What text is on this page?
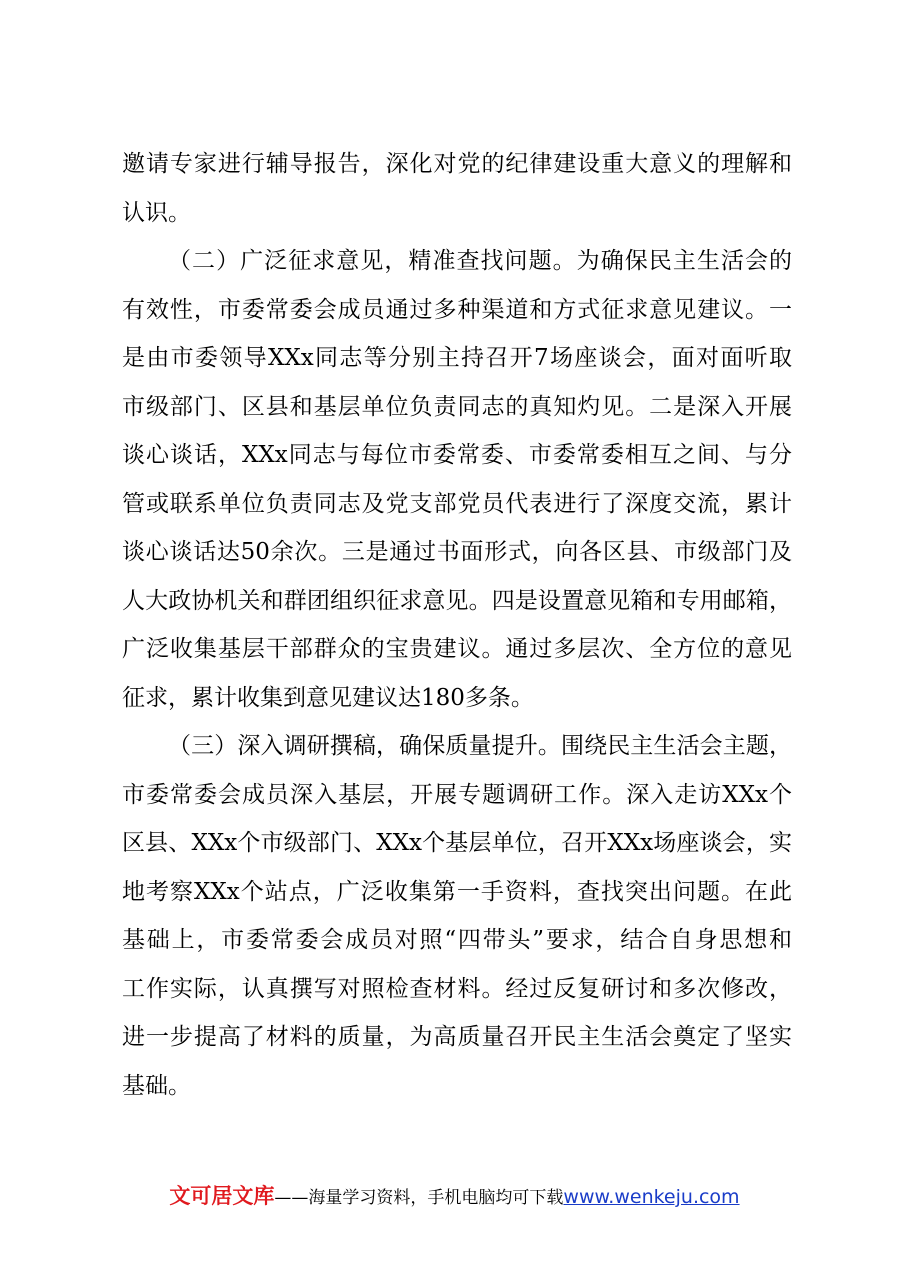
邀请专家进行辅导报告，深化对党的纪律建设重大意义的理解和
认识。
（二）广泛征求意见，精准查找问题。为确保民主生活会的
有效性，市委常委会成员通过多种渠道和方式征求意见建议。一
是由市委领导XXx同志等分别主持召开7场座谈会，面对面听取
市级部门、区县和基层单位负责同志的真知灼见。二是深入开展
谈心谈话，XXx同志与每位市委常委、市委常委相互之间、与分
管或联系单位负责同志及党支部党员代表进行了深度交流，累计
谈心谈话达50余次。三是通过书面形式，向各区县、市级部门及
人大政协机关和群团组织征求意见。四是设置意见箱和专用邮箱，
广泛收集基层干部群众的宝贵建议。通过多层次、全方位的意见
征求，累计收集到意见建议达180多条。
（三）深入调研撰稿，确保质量提升。围绕民主生活会主题，
市委常委会成员深入基层，开展专题调研工作。深入走访XXx个
区县、XXx个市级部门、XXx个基层单位，召开XXx场座谈会，实
地考察XXx个站点，广泛收集第一手资料，查找突出问题。在此
基础上，市委常委会成员对照“四带头”要求，结合自身思想和
工作实际，认真撰写对照检查材料。经过反复研讨和多次修改，
进一步提高了材料的质量，为高质量召开民主生活会奠定了坚实
基础。
文可居文库——海量学习资料，手机电脑均可下载www.wenkeju.com
